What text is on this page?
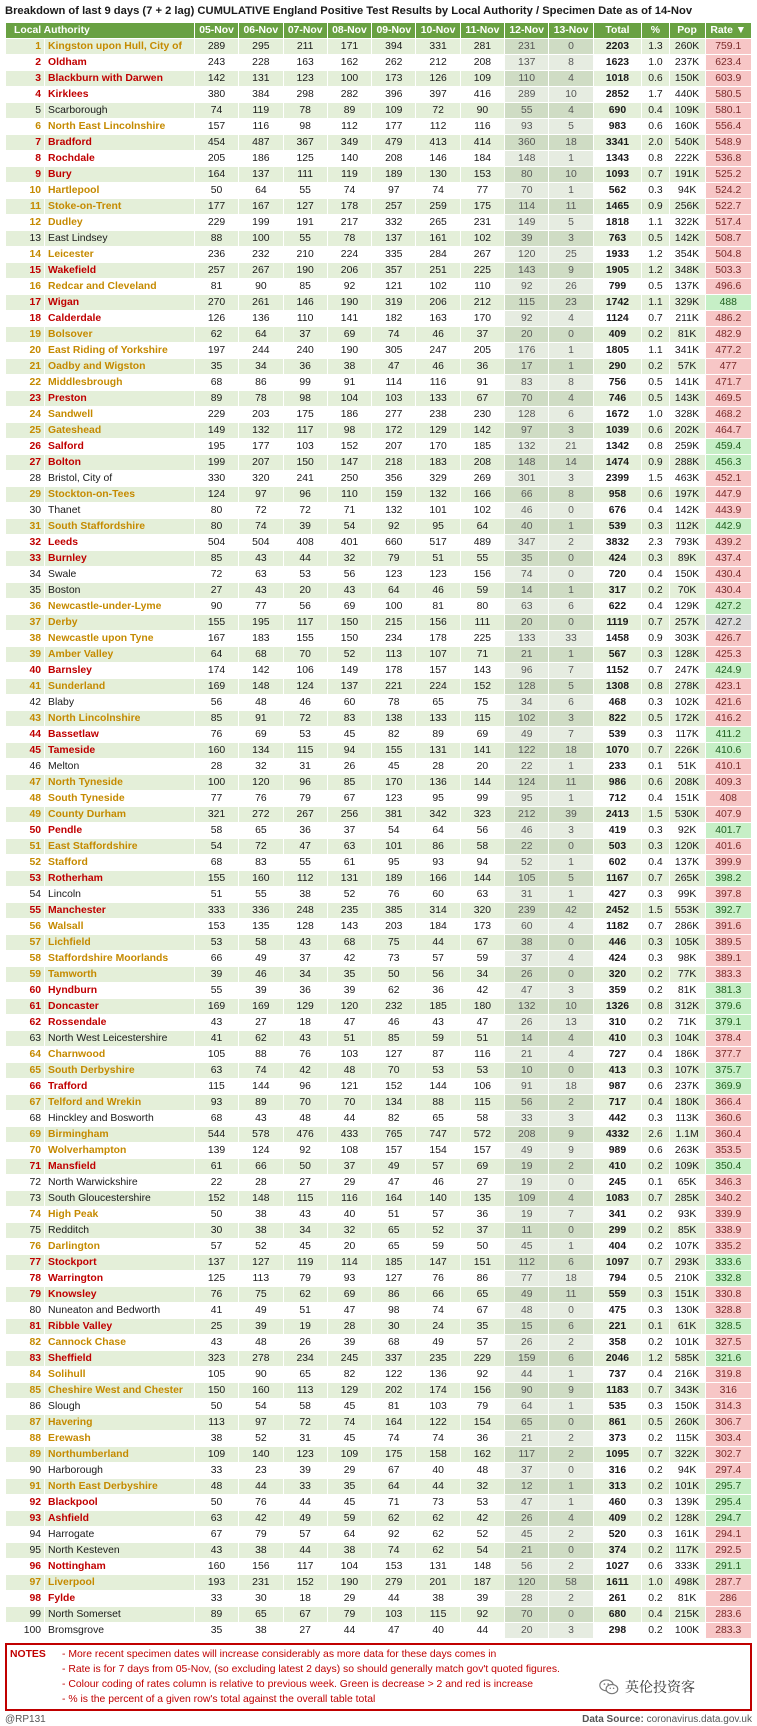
Breakdown of last 9 days (7 + 2 lag) CUMULATIVE England Positive Test Results by Local Authority / Specimen Date as of 14-Nov
Local Authority		05-Nov	06-Nov	07-Nov	08-Nov	09-Nov	10-Nov	11-Nov	12-Nov	13-Nov	Total	%	Pop	Rate ▼
1	Kingston upon Hull, City of	289	295	211	171	394	331	281	231	0	2203	1.3	260K	759.1
2	Oldham	243	228	163	162	262	212	208	137	8	1623	1.0	237K	623.4
3	Blackburn with Darwen	142	131	123	100	173	126	109	110	4	1018	0.6	150K	603.9
4	Kirklees	380	384	298	282	396	397	416	289	10	2852	1.7	440K	580.5
5	Scarborough	74	119	78	89	109	72	90	55	4	690	0.4	109K	580.1
6	North East Lincolnshire	157	116	98	112	177	112	116	93	5	983	0.6	160K	556.4
7	Bradford	454	487	367	349	479	413	414	360	18	3341	2.0	540K	548.9
8	Rochdale	205	186	125	140	208	146	184	148	1	1343	0.8	222K	536.8
9	Bury	164	137	111	119	189	130	153	80	10	1093	0.7	191K	525.2
10	Hartlepool	50	64	55	74	97	74	77	70	1	562	0.3	94K	524.2
11	Stoke-on-Trent	177	167	127	178	257	259	175	114	11	1465	0.9	256K	522.7
12	Dudley	229	199	191	217	332	265	231	149	5	1818	1.1	322K	517.4
13	East Lindsey	88	100	55	78	137	161	102	39	3	763	0.5	142K	508.7
14	Leicester	236	232	210	224	335	284	267	120	25	1933	1.2	354K	504.8
15	Wakefield	257	267	190	206	357	251	225	143	9	1905	1.2	348K	503.3
16	Redcar and Cleveland	81	90	85	92	121	102	110	92	26	799	0.5	137K	496.6
17	Wigan	270	261	146	190	319	206	212	115	23	1742	1.1	329K	488
18	Calderdale	126	136	110	141	182	163	170	92	4	1124	0.7	211K	486.2
19	Bolsover	62	64	37	69	74	46	37	20	0	409	0.2	81K	482.9
20	East Riding of Yorkshire	197	244	240	190	305	247	205	176	1	1805	1.1	341K	477.2
21	Oadby and Wigston	35	34	36	38	47	46	36	17	1	290	0.2	57K	477
22	Middlesbrough	68	86	99	91	114	116	91	83	8	756	0.5	141K	471.7
23	Preston	89	78	98	104	103	133	67	70	4	746	0.5	143K	469.5
24	Sandwell	229	203	175	186	277	238	230	128	6	1672	1.0	328K	468.2
25	Gateshead	149	132	117	98	172	129	142	97	3	1039	0.6	202K	464.7
26	Salford	195	177	103	152	207	170	185	132	21	1342	0.8	259K	459.4
27	Bolton	199	207	150	147	218	183	208	148	14	1474	0.9	288K	456.3
28	Bristol, City of	330	320	241	250	356	329	269	301	3	2399	1.5	463K	452.1
29	Stockton-on-Tees	124	97	96	110	159	132	166	66	8	958	0.6	197K	447.9
30	Thanet	80	72	72	71	132	101	102	46	0	676	0.4	142K	443.9
31	South Staffordshire	80	74	39	54	92	95	64	40	1	539	0.3	112K	442.9
32	Leeds	504	504	408	401	660	517	489	347	2	3832	2.3	793K	439.2
33	Burnley	85	43	44	32	79	51	55	35	0	424	0.3	89K	437.4
34	Swale	72	63	53	56	123	123	156	74	0	720	0.4	150K	430.4
35	Boston	27	43	20	43	64	46	59	14	1	317	0.2	70K	430.4
36	Newcastle-under-Lyme	90	77	56	69	100	81	80	63	6	622	0.4	129K	427.2
37	Derby	155	195	117	150	215	156	111	20	0	1119	0.7	257K	427.2
38	Newcastle upon Tyne	167	183	155	150	234	178	225	133	33	1458	0.9	303K	426.7
39	Amber Valley	64	68	70	52	113	107	71	21	1	567	0.3	128K	425.3
40	Barnsley	174	142	106	149	178	157	143	96	7	1152	0.7	247K	424.9
41	Sunderland	169	148	124	137	221	224	152	128	5	1308	0.8	278K	423.1
42	Blaby	56	48	46	60	78	65	75	34	6	468	0.3	102K	421.6
43	North Lincolnshire	85	91	72	83	138	133	115	102	3	822	0.5	172K	416.2
44	Bassetlaw	76	69	53	45	82	89	69	49	7	539	0.3	117K	411.2
45	Tameside	160	134	115	94	155	131	141	122	18	1070	0.7	226K	410.6
46	Melton	28	32	31	26	45	28	20	22	1	233	0.1	51K	410.1
47	North Tyneside	100	120	96	85	170	136	144	124	11	986	0.6	208K	409.3
48	South Tyneside	77	76	79	67	123	95	99	95	1	712	0.4	151K	408
49	County Durham	321	272	267	256	381	342	323	212	39	2413	1.5	530K	407.9
50	Pendle	58	65	36	37	54	64	56	46	3	419	0.3	92K	401.7
51	East Staffordshire	54	72	47	63	101	86	58	22	0	503	0.3	120K	401.6
52	Stafford	68	83	55	61	95	93	94	52	1	602	0.4	137K	399.9
53	Rotherham	155	160	112	131	189	166	144	105	5	1167	0.7	265K	398.2
54	Lincoln	51	55	38	52	76	60	63	31	1	427	0.3	99K	397.8
55	Manchester	333	336	248	235	385	314	320	239	42	2452	1.5	553K	392.7
56	Walsall	153	135	128	143	203	184	173	60	4	1182	0.7	286K	391.6
57	Lichfield	53	58	43	68	75	44	67	38	0	446	0.3	105K	389.5
58	Staffordshire Moorlands	66	49	37	42	73	57	59	37	4	424	0.3	98K	389.1
59	Tamworth	39	46	34	35	50	56	34	26	0	320	0.2	77K	383.3
60	Hyndburn	55	39	36	39	62	36	42	47	3	359	0.2	81K	381.3
61	Doncaster	169	169	129	120	232	185	180	132	10	1326	0.8	312K	379.6
62	Rossendale	43	27	18	47	46	43	47	26	13	310	0.2	71K	379.1
63	North West Leicestershire	41	62	43	51	85	59	51	14	4	410	0.3	104K	378.4
64	Charnwood	105	88	76	103	127	87	116	21	4	727	0.4	186K	377.7
65	South Derbyshire	63	74	42	48	70	53	53	10	0	413	0.3	107K	375.7
66	Trafford	115	144	96	121	152	144	106	91	18	987	0.6	237K	369.9
67	Telford and Wrekin	93	89	70	70	134	88	115	56	2	717	0.4	180K	366.4
68	Hinckley and Bosworth	68	43	48	44	82	65	58	33	3	442	0.3	113K	360.6
69	Birmingham	544	578	476	433	765	747	572	208	9	4332	2.6	1.1M	360.4
70	Wolverhampton	139	124	92	108	157	154	157	49	9	989	0.6	263K	353.5
71	Mansfield	61	66	50	37	49	57	69	19	2	410	0.2	109K	350.4
72	North Warwickshire	22	28	27	29	47	46	27	19	0	245	0.1	65K	346.3
73	South Gloucestershire	152	148	115	116	164	140	135	109	4	1083	0.7	285K	340.2
74	High Peak	50	38	43	40	51	57	36	19	7	341	0.2	93K	339.9
75	Redditch	30	38	34	32	65	52	37	11	0	299	0.2	85K	338.9
76	Darlington	57	52	45	20	65	59	50	45	1	404	0.2	107K	335.2
77	Stockport	137	127	119	114	185	147	151	112	6	1097	0.7	293K	333.6
78	Warrington	125	113	79	93	127	76	86	77	18	794	0.5	210K	332.8
79	Knowsley	76	75	62	69	86	66	65	49	11	559	0.3	151K	330.8
80	Nuneaton and Bedworth	41	49	51	47	98	74	67	48	0	475	0.3	130K	328.8
81	Ribble Valley	25	39	19	28	30	24	35	15	6	221	0.1	61K	328.5
82	Cannock Chase	43	48	26	39	68	49	57	26	2	358	0.2	101K	327.5
83	Sheffield	323	278	234	245	337	235	229	159	6	2046	1.2	585K	321.6
84	Solihull	105	90	65	82	122	136	92	44	1	737	0.4	216K	319.8
85	Cheshire West and Chester	150	160	113	129	202	174	156	90	9	1183	0.7	343K	316
86	Slough	50	54	58	45	81	103	79	64	1	535	0.3	150K	314.3
87	Havering	113	97	72	74	164	122	154	65	0	861	0.5	260K	306.7
88	Erewash	38	52	31	45	74	74	36	21	2	373	0.2	115K	303.4
89	Northumberland	109	140	123	109	175	158	162	117	2	1095	0.7	322K	302.7
90	Harborough	33	23	39	29	67	40	48	37	0	316	0.2	94K	297.4
91	North East Derbyshire	48	44	33	35	64	44	32	12	1	313	0.2	101K	295.7
92	Blackpool	50	76	44	45	71	73	53	47	1	460	0.3	139K	295.4
93	Ashfield	63	42	49	59	62	62	42	26	4	409	0.2	128K	294.7
94	Harrogate	67	79	57	64	92	62	52	45	2	520	0.3	161K	294.1
95	North Kesteven	43	38	44	38	74	62	54	21	0	374	0.2	117K	292.5
96	Nottingham	160	156	117	104	153	131	148	56	2	1027	0.6	333K	291.1
97	Liverpool	193	231	152	190	279	201	187	120	58	1611	1.0	498K	287.7
98	Fylde	33	30	18	29	44	38	39	28	2	261	0.2	81K	286
99	North Somerset	89	65	67	79	103	115	92	70	0	680	0.4	215K	283.6
100	Bromsgrove	35	38	27	44	47	40	44	20	3	298	0.2	100K	283.3
NOTES	- More recent specimen dates will increase considerably as more data for these days comes in
- Rate is for 7 days from 05-Nov, (so excluding latest 2 days) so should generally match gov't quoted figures.
- Colour coding of rates column is relative to previous week. Green is decrease > 2 and red is increase
- % is the percent of a given row's total against the overall table total
英伦投资客
@RP131	Data Source: coronavirus.data.gov.uk
